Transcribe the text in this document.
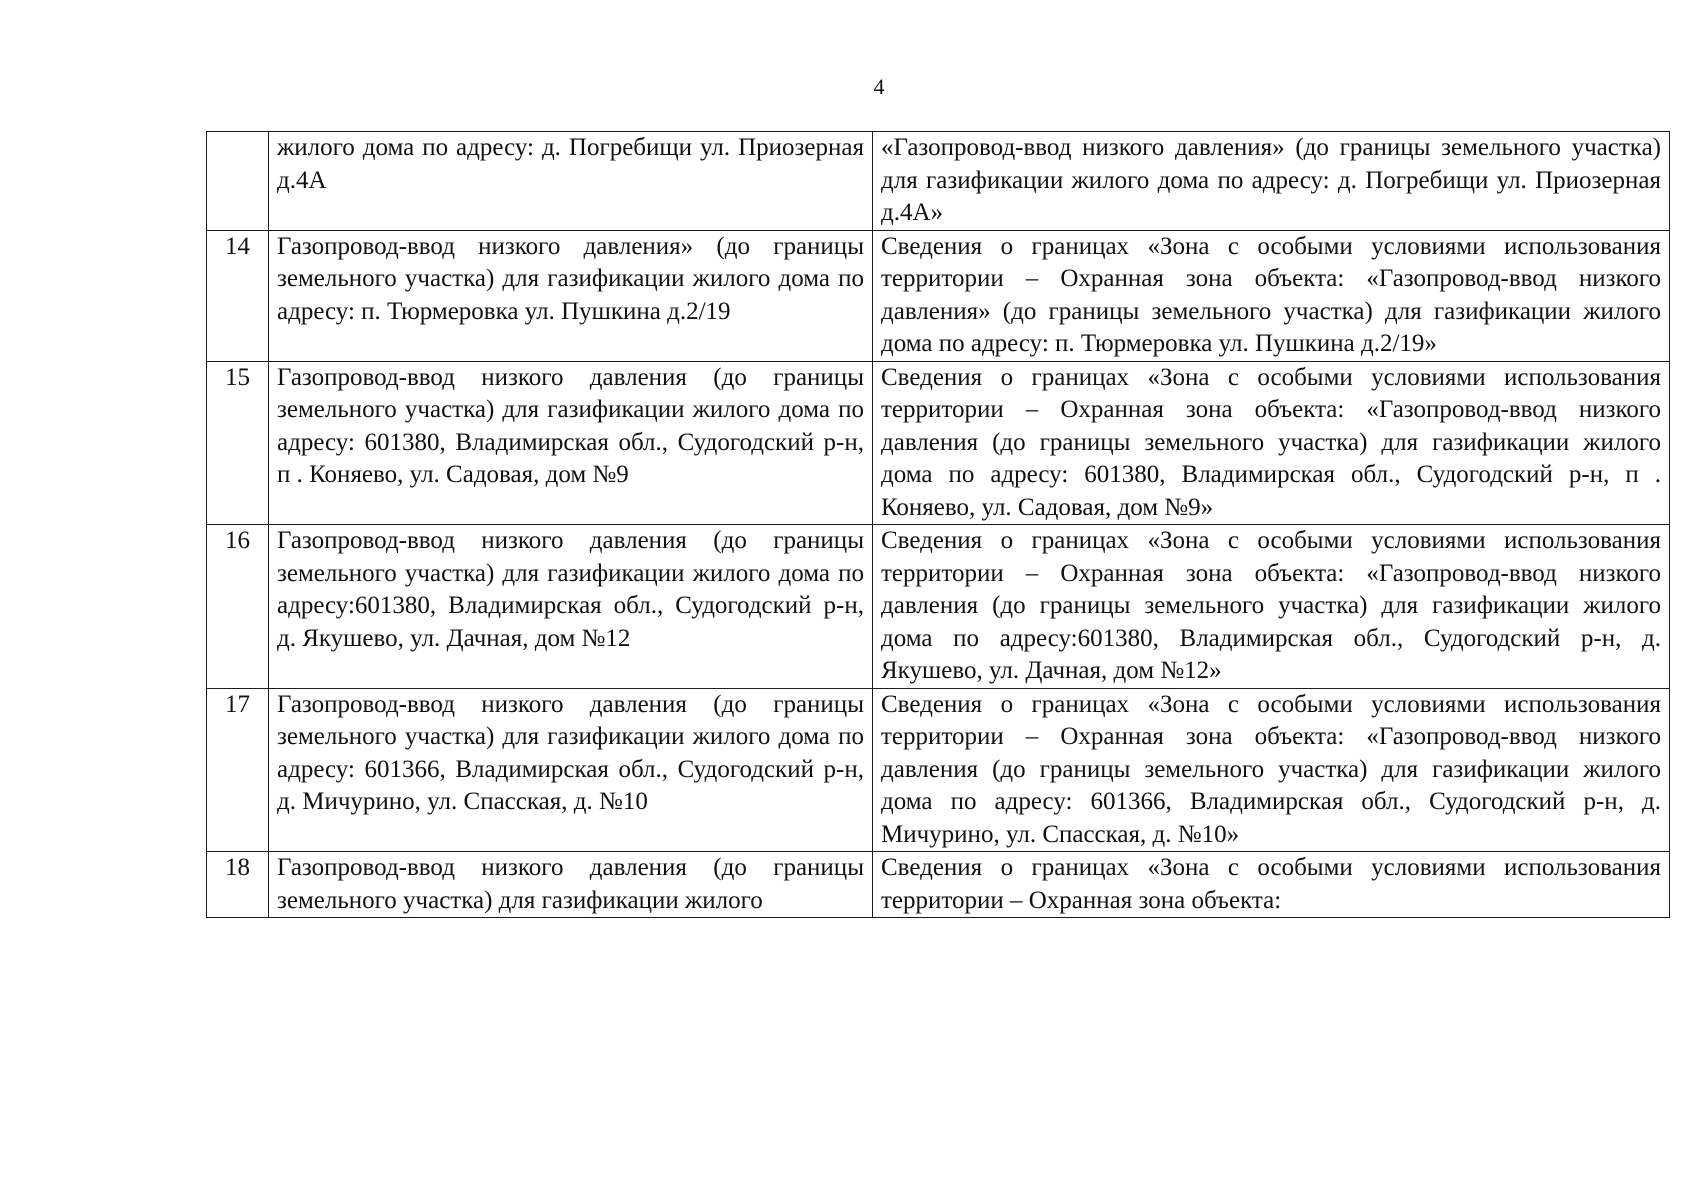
4
	жилого дома по адресу: д. Погребищи ул. Приозерная д.4А	«Газопровод-ввод низкого давления» (до границы земельного участка) для газификации жилого дома по адресу: д. Погребищи ул. Приозерная д.4А»
14	Газопровод-ввод низкого давления» (до границы земельного участка) для газификации жилого дома по адресу: п. Тюрмеровка ул. Пушкина д.2/19	Сведения о границах «Зона с особыми условиями использования территории – Охранная зона объекта: «Газопровод-ввод низкого давления» (до границы земельного участка) для газификации жилого дома по адресу: п. Тюрмеровка ул. Пушкина д.2/19»
15	Газопровод-ввод низкого давления (до границы земельного участка) для газификации жилого дома по адресу: 601380, Владимирская обл., Судогодский р-н, п . Коняево, ул. Садовая, дом №9	Сведения о границах «Зона с особыми условиями использования территории – Охранная зона объекта: «Газопровод-ввод низкого давления (до границы земельного участка) для газификации жилого дома по адресу: 601380, Владимирская обл., Судогодский р-н, п . Коняево, ул. Садовая, дом №9»
16	Газопровод-ввод низкого давления (до границы земельного участка) для газификации жилого дома по адресу:601380, Владимирская обл., Судогодский р-н, д. Якушево, ул. Дачная, дом №12	Сведения о границах «Зона с особыми условиями использования территории – Охранная зона объекта: «Газопровод-ввод низкого давления (до границы земельного участка) для газификации жилого дома по адресу:601380, Владимирская обл., Судогодский р-н, д. Якушево, ул. Дачная, дом №12»
17	Газопровод-ввод низкого давления (до границы земельного участка) для газификации жилого дома по адресу: 601366, Владимирская обл., Судогодский р-н, д. Мичурино, ул. Спасская, д. №10	Сведения о границах «Зона с особыми условиями использования территории – Охранная зона объекта: «Газопровод-ввод низкого давления (до границы земельного участка) для газификации жилого дома по адресу: 601366, Владимирская обл., Судогодский р-н, д. Мичурино, ул. Спасская, д. №10»
18	Газопровод-ввод низкого давления (до границы земельного участка) для газификации жилого	Сведения о границах «Зона с особыми условиями использования территории – Охранная зона объекта:
